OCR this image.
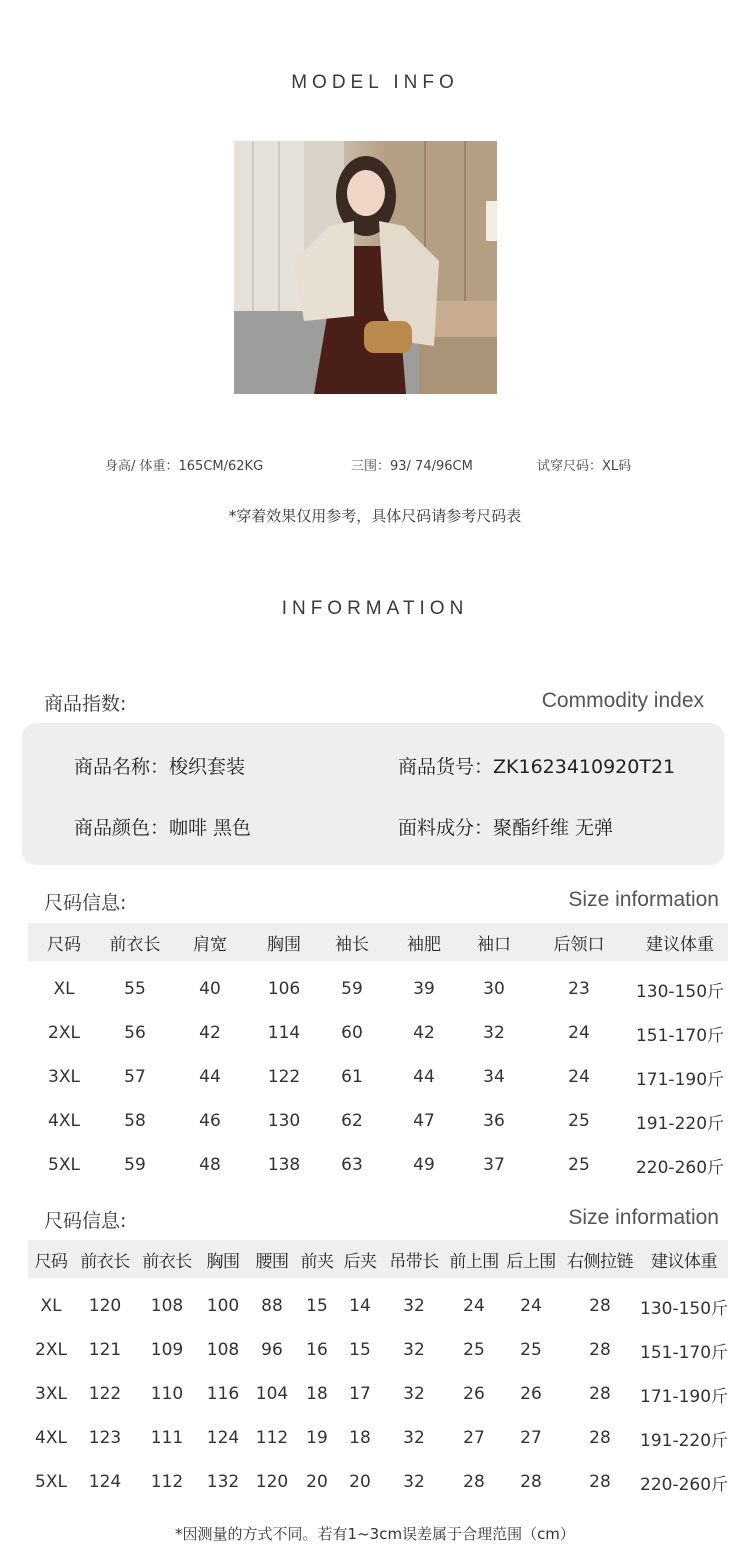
MODEL INFO
身高/ 体重：165CM/62KG	三围：93/ 74/96CM	试穿尺码：XL码
*穿着效果仅用参考，具体尺码请参考尺码表
INFORMATION
商品指数:	Commodity index
商品名称：梭织套装	商品货号：ZK1623410920T21
商品颜色：咖啡 黑色	面料成分：聚酯纤维 无弹
尺码信息:	Size information
尺码	前衣长	肩宽	胸围	袖长	袖肥	袖口	后领口	建议体重
XL	55	40	106	59	39	30	23	130-150斤
2XL	56	42	114	60	42	32	24	151-170斤
3XL	57	44	122	61	44	34	24	171-190斤
4XL	58	46	130	62	47	36	25	191-220斤
5XL	59	48	138	63	49	37	25	220-260斤
尺码信息:	Size information
尺码	前衣长	前衣长	胸围	腰围	前夹	后夹	吊带长	前上围	后上围	右侧拉链	建议体重
XL	120	108	100	88	15	14	32	24	24	28	130-150斤
2XL	121	109	108	96	16	15	32	25	25	28	151-170斤
3XL	122	110	116	104	18	17	32	26	26	28	171-190斤
4XL	123	111	124	112	19	18	32	27	27	28	191-220斤
5XL	124	112	132	120	20	20	32	28	28	28	220-260斤
*因测量的方式不同。若有1~3cm误差属于合理范围（cm）
